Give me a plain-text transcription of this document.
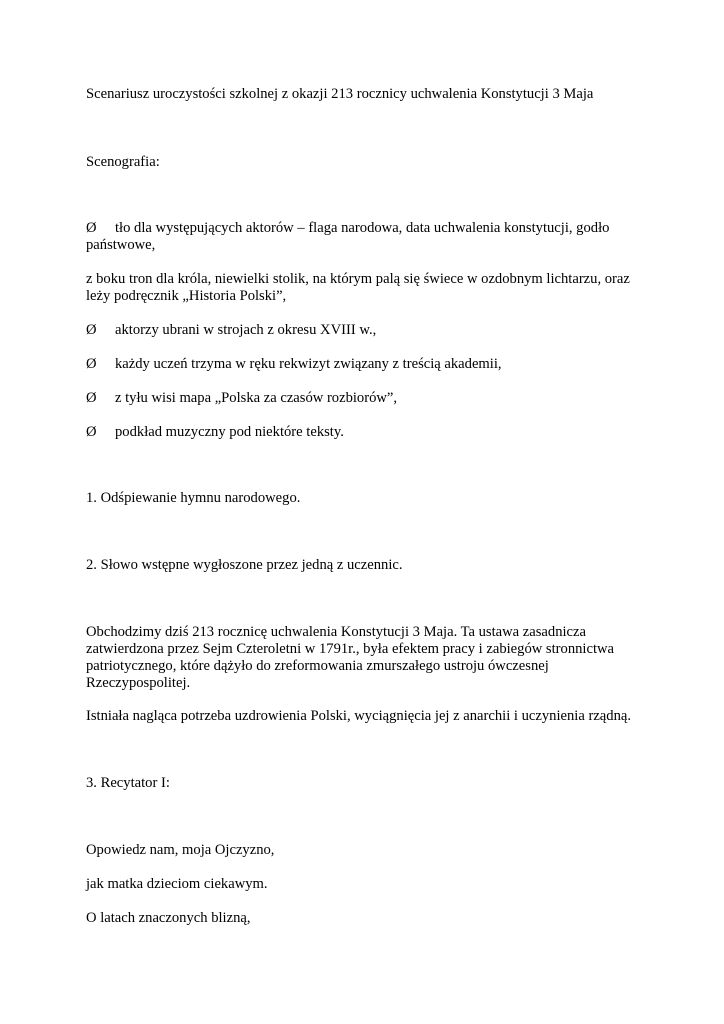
Scenariusz uroczystości szkolnej z okazji 213 rocznicy uchwalenia Konstytucji 3 Maja

Scenografia:

Ø tło dla występujących aktorów – flaga narodowa, data uchwalenia konstytucji, godło

państwowe,

z boku tron dla króla, niewielki stolik, na którym palą się świece w ozdobnym lichtarzu, oraz leży podręcznik „Historia Polski”,

Ø aktorzy ubrani w strojach z okresu XVIII w.,

Ø każdy uczeń trzyma w ręku rekwizyt związany z treścią akademii,

Ø z tyłu wisi mapa „Polska za czasów rozbiorów”,

Ø podkład muzyczny pod niektóre teksty.

1. Odśpiewanie hymnu narodowego.

2. Słowo wstępne wygłoszone przez jedną z uczennic.

Obchodzimy dziś 213 rocznicę uchwalenia Konstytucji 3 Maja. Ta ustawa zasadnicza zatwierdzona przez Sejm Czteroletni w 1791r., była efektem pracy i zabiegów stronnictwa patriotycznego, które dążyło do zreformowania zmurszałego ustroju ówczesnej Rzeczypospolitej.

Istniała nagląca potrzeba uzdrowienia Polski, wyciągnięcia jej z anarchii i uczynienia rządną.

3. Recytator I:

Opowiedz nam, moja Ojczyzno,

jak matka dzieciom ciekawym.

O latach znaczonych blizną,
